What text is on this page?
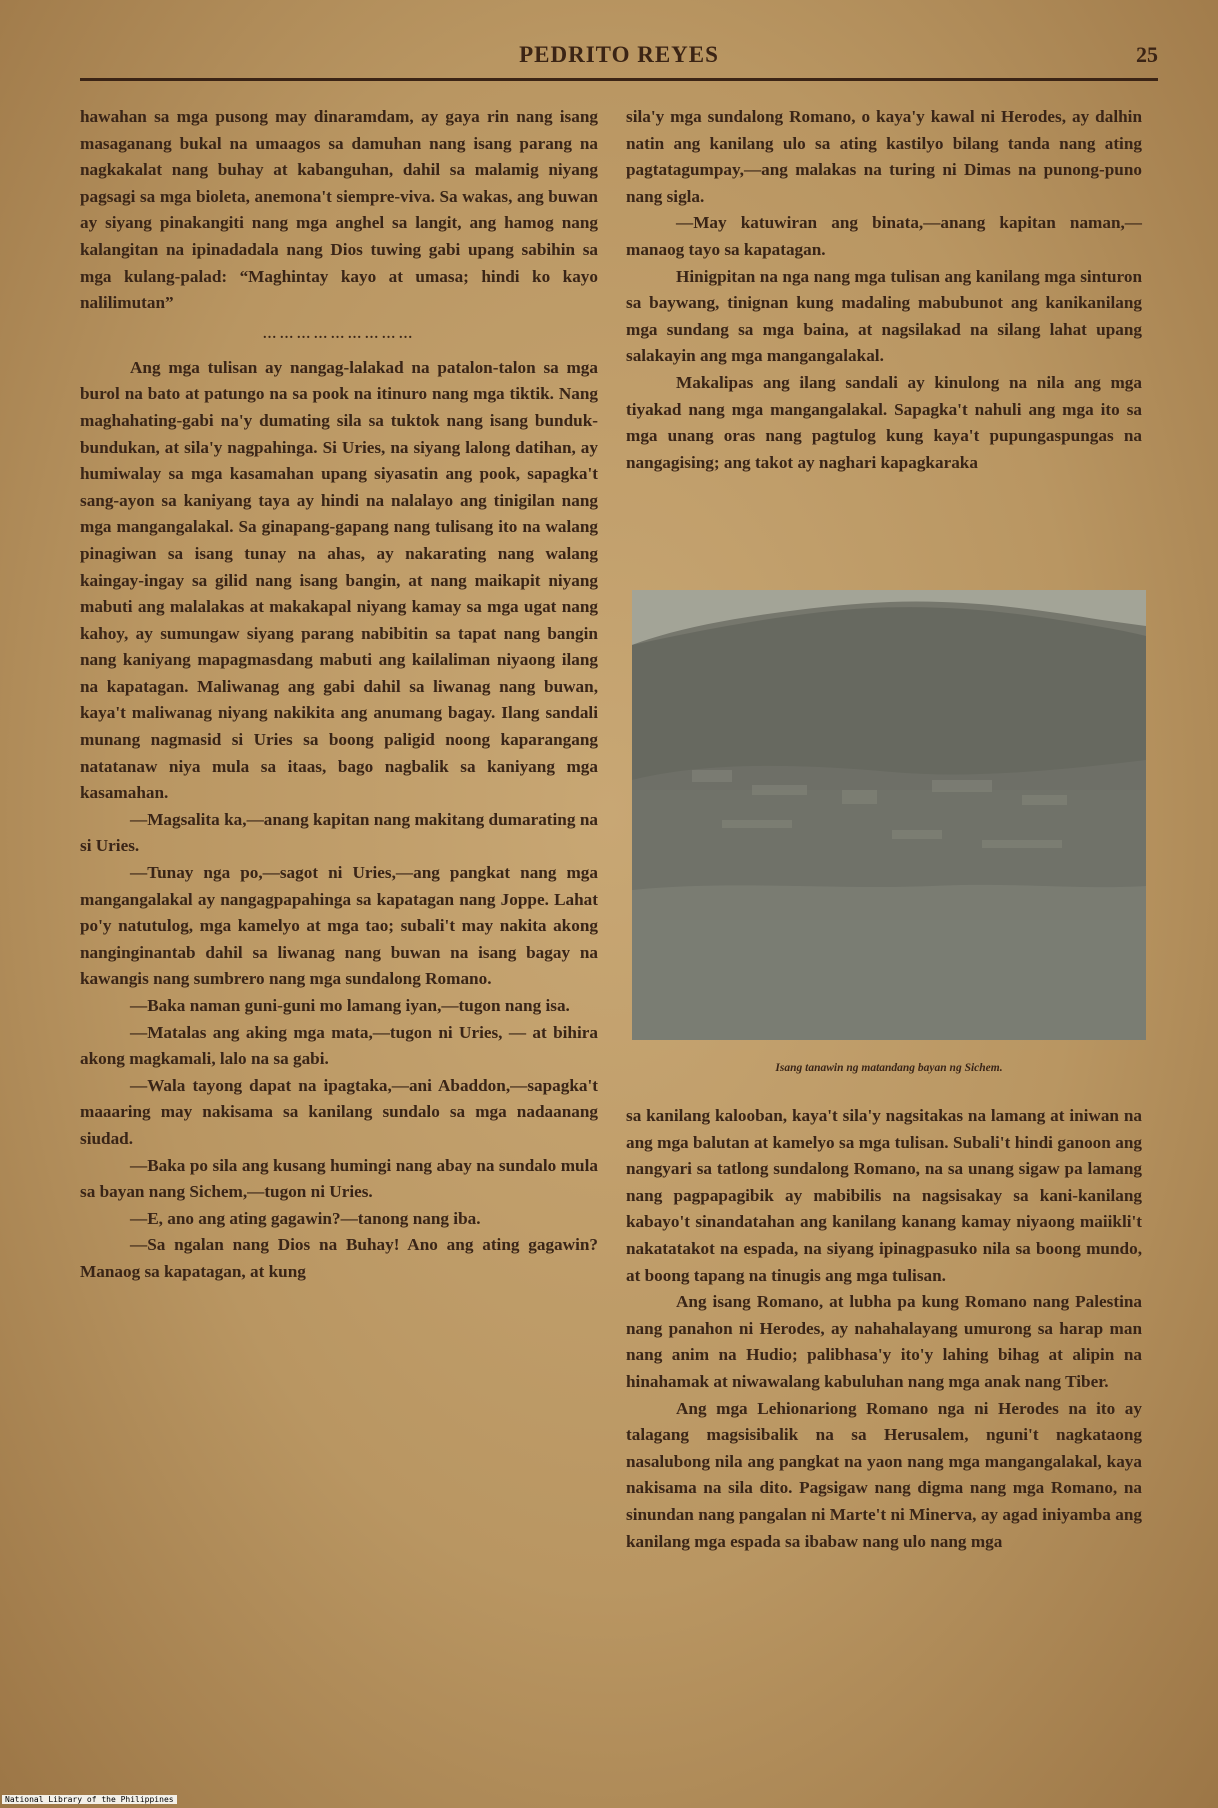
PEDRITO REYES	25

hawahan sa mga pusong may dinaramdam, ay gaya rin nang isang masaganang bukal na umaagos sa damuhan nang isang parang na nagkakalat nang buhay at kabanguhan, dahil sa malamig niyang pagsagi sa mga bioleta, anemona't siempre-viva. Sa wakas, ang buwan ay siyang pinakangiti nang mga anghel sa langit, ang hamog nang kalangitan na ipinadadala nang Dios tuwing gabi upang sabihin sa mga kulang-palad: “Maghintay kayo at umasa; hindi ko kayo nalilimutan”

………………………

Ang mga tulisan ay nangag-lalakad na patalon-talon sa mga burol na bato at patungo na sa pook na itinuro nang mga tiktik. Nang maghahating-gabi na'y dumating sila sa tuktok nang isang bunduk-bundukan, at sila'y nagpahinga. Si Uries, na siyang lalong datihan, ay humiwalay sa mga kasamahan upang siyasatin ang pook, sapagka't sang-ayon sa kaniyang taya ay hindi na nalalayo ang tinigilan nang mga mangangalakal. Sa ginapang-gapang nang tulisang ito na walang pinagiwan sa isang tunay na ahas, ay nakarating nang walang kaingay-ingay sa gilid nang isang bangin, at nang maikapit niyang mabuti ang malalakas at makakapal niyang kamay sa mga ugat nang kahoy, ay sumungaw siyang parang nabibitin sa tapat nang bangin nang kaniyang mapagmasdang mabuti ang kailaliman niyaong ilang na kapatagan. Maliwanag ang gabi dahil sa liwanag nang buwan, kaya't maliwanag niyang nakikita ang anumang bagay. Ilang sandali munang nagmasid si Uries sa boong paligid noong kaparangang natatanaw niya mula sa itaas, bago nagbalik sa kaniyang mga kasamahan.

—Magsalita ka,—anang kapitan nang makitang dumarating na si Uries.

—Tunay nga po,—sagot ni Uries,—ang pangkat nang mga mangangalakal ay nangagpapahinga sa kapatagan nang Joppe. Lahat po'y natutulog, mga kamelyo at mga tao; subali't may nakita akong nanginginantab dahil sa liwanag nang buwan na isang bagay na kawangis nang sumbrero nang mga sundalong Romano.

—Baka naman guni-guni mo lamang iyan,—tugon nang isa.

—Matalas ang aking mga mata,—tugon ni Uries, — at bihira akong magkamali, lalo na sa gabi.

—Wala tayong dapat na ipagtaka,—ani Abaddon,—sapagka't maaaring may nakisama sa kanilang sundalo sa mga nadaanang siudad.

—Baka po sila ang kusang humingi nang abay na sundalo mula sa bayan nang Sichem,—tugon ni Uries.

—E, ano ang ating gagawin?—tanong nang iba.

—Sa ngalan nang Dios na Buhay! Ano ang ating gagawin? Manaog sa kapatagan, at kung

sila'y mga sundalong Romano, o kaya'y kawal ni Herodes, ay dalhin natin ang kanilang ulo sa ating kastilyo bilang tanda nang ating pagtatagumpay,—ang malakas na turing ni Dimas na punong-puno nang sigla.

—May katuwiran ang binata,—anang kapitan naman,—manaog tayo sa kapatagan.

Hinigpitan na nga nang mga tulisan ang kanilang mga sinturon sa baywang, tinignan kung madaling mabubunot ang kanikanilang mga sundang sa mga baina, at nagsilakad na silang lahat upang salakayin ang mga mangangalakal.

Makalipas ang ilang sandali ay kinulong na nila ang mga tiyakad nang mga mangangalakal. Sapagka't nahuli ang mga ito sa mga unang oras nang pagtulog kung kaya't pupungaspungas na nangagising; ang takot ay naghari kapagkaraka

Isang tanawin ng matandang bayan ng Sichem.

sa kanilang kalooban, kaya't sila'y nagsitakas na lamang at iniwan na ang mga balutan at kamelyo sa mga tulisan. Subali't hindi ganoon ang nangyari sa tatlong sundalong Romano, na sa unang sigaw pa lamang nang pagpapagibik ay mabibilis na nagsisakay sa kani-kanilang kabayo't sinandatahan ang kanilang kanang kamay niyaong maiikli't nakatatakot na espada, na siyang ipinagpasuko nila sa boong mundo, at boong tapang na tinugis ang mga tulisan.

Ang isang Romano, at lubha pa kung Romano nang Palestina nang panahon ni Herodes, ay nahahalayang umurong sa harap man nang anim na Hudio; palibhasa'y ito'y lahing bihag at alipin na hinahamak at niwawalang kabuluhan nang mga anak nang Tiber.

Ang mga Lehionariong Romano nga ni Herodes na ito ay talagang magsisibalik na sa Herusalem, nguni't nagkataong nasalubong nila ang pangkat na yaon nang mga mangangalakal, kaya nakisama na sila dito. Pagsigaw nang digma nang mga Romano, na sinundan nang pangalan ni Marte't ni Minerva, ay agad iniyamba ang kanilang mga espada sa ibabaw nang ulo nang mga

National Library of the Philippines
